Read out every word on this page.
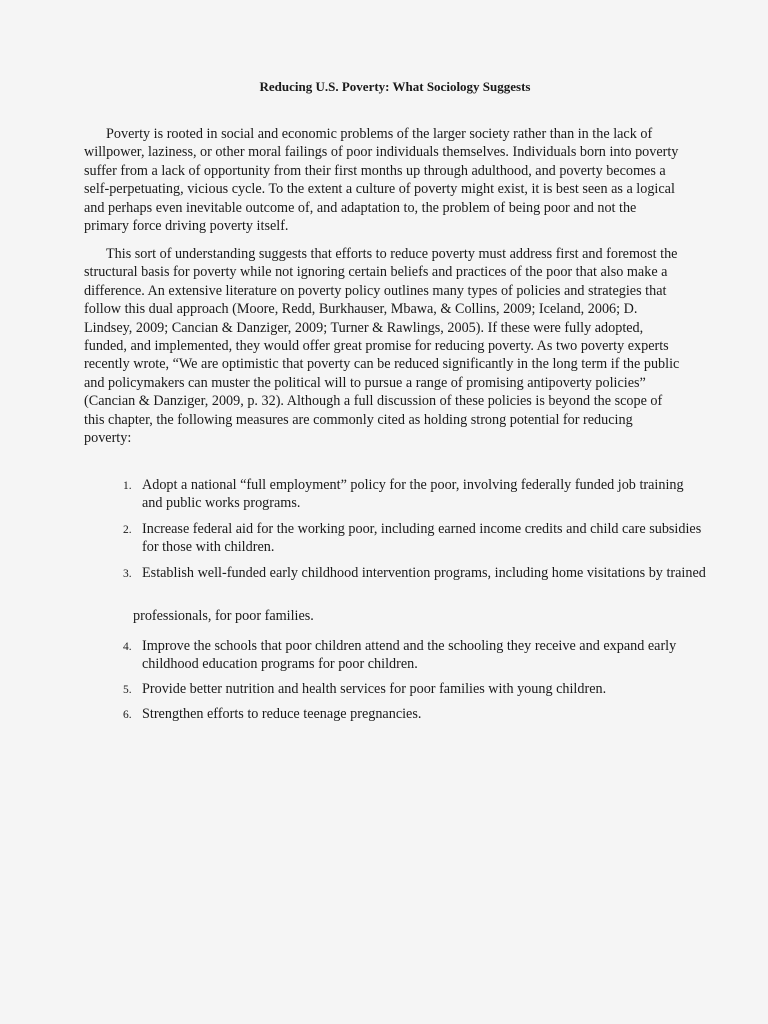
Reducing U.S. Poverty: What Sociology Suggests

Poverty is rooted in social and economic problems of the larger society rather than in the lack of willpower, laziness, or other moral failings of poor individuals themselves. Individuals born into poverty suffer from a lack of opportunity from their first months up through adulthood, and poverty becomes a self-perpetuating, vicious cycle. To the extent a culture of poverty might exist, it is best seen as a logical and perhaps even inevitable outcome of, and adaptation to, the problem of being poor and not the primary force driving poverty itself.

This sort of understanding suggests that efforts to reduce poverty must address first and foremost the structural basis for poverty while not ignoring certain beliefs and practices of the poor that also make a difference. An extensive literature on poverty policy outlines many types of policies and strategies that follow this dual approach (Moore, Redd, Burkhauser, Mbawa, & Collins, 2009; Iceland, 2006; D. Lindsey, 2009; Cancian & Danziger, 2009; Turner & Rawlings, 2005). If these were fully adopted, funded, and implemented, they would offer great promise for reducing poverty. As two poverty experts recently wrote, “We are optimistic that poverty can be reduced significantly in the long term if the public and policymakers can muster the political will to pursue a range of promising antipoverty policies” (Cancian & Danziger, 2009, p. 32). Although a full discussion of these policies is beyond the scope of this chapter, the following measures are commonly cited as holding strong potential for reducing poverty:

1. Adopt a national “full employment” policy for the poor, involving federally funded job training and public works programs.
2. Increase federal aid for the working poor, including earned income credits and child care subsidies for those with children.
3. Establish well-funded early childhood intervention programs, including home visitations by trained
professionals, for poor families.
4. Improve the schools that poor children attend and the schooling they receive and expand early childhood education programs for poor children.
5. Provide better nutrition and health services for poor families with young children.
6. Strengthen efforts to reduce teenage pregnancies.
